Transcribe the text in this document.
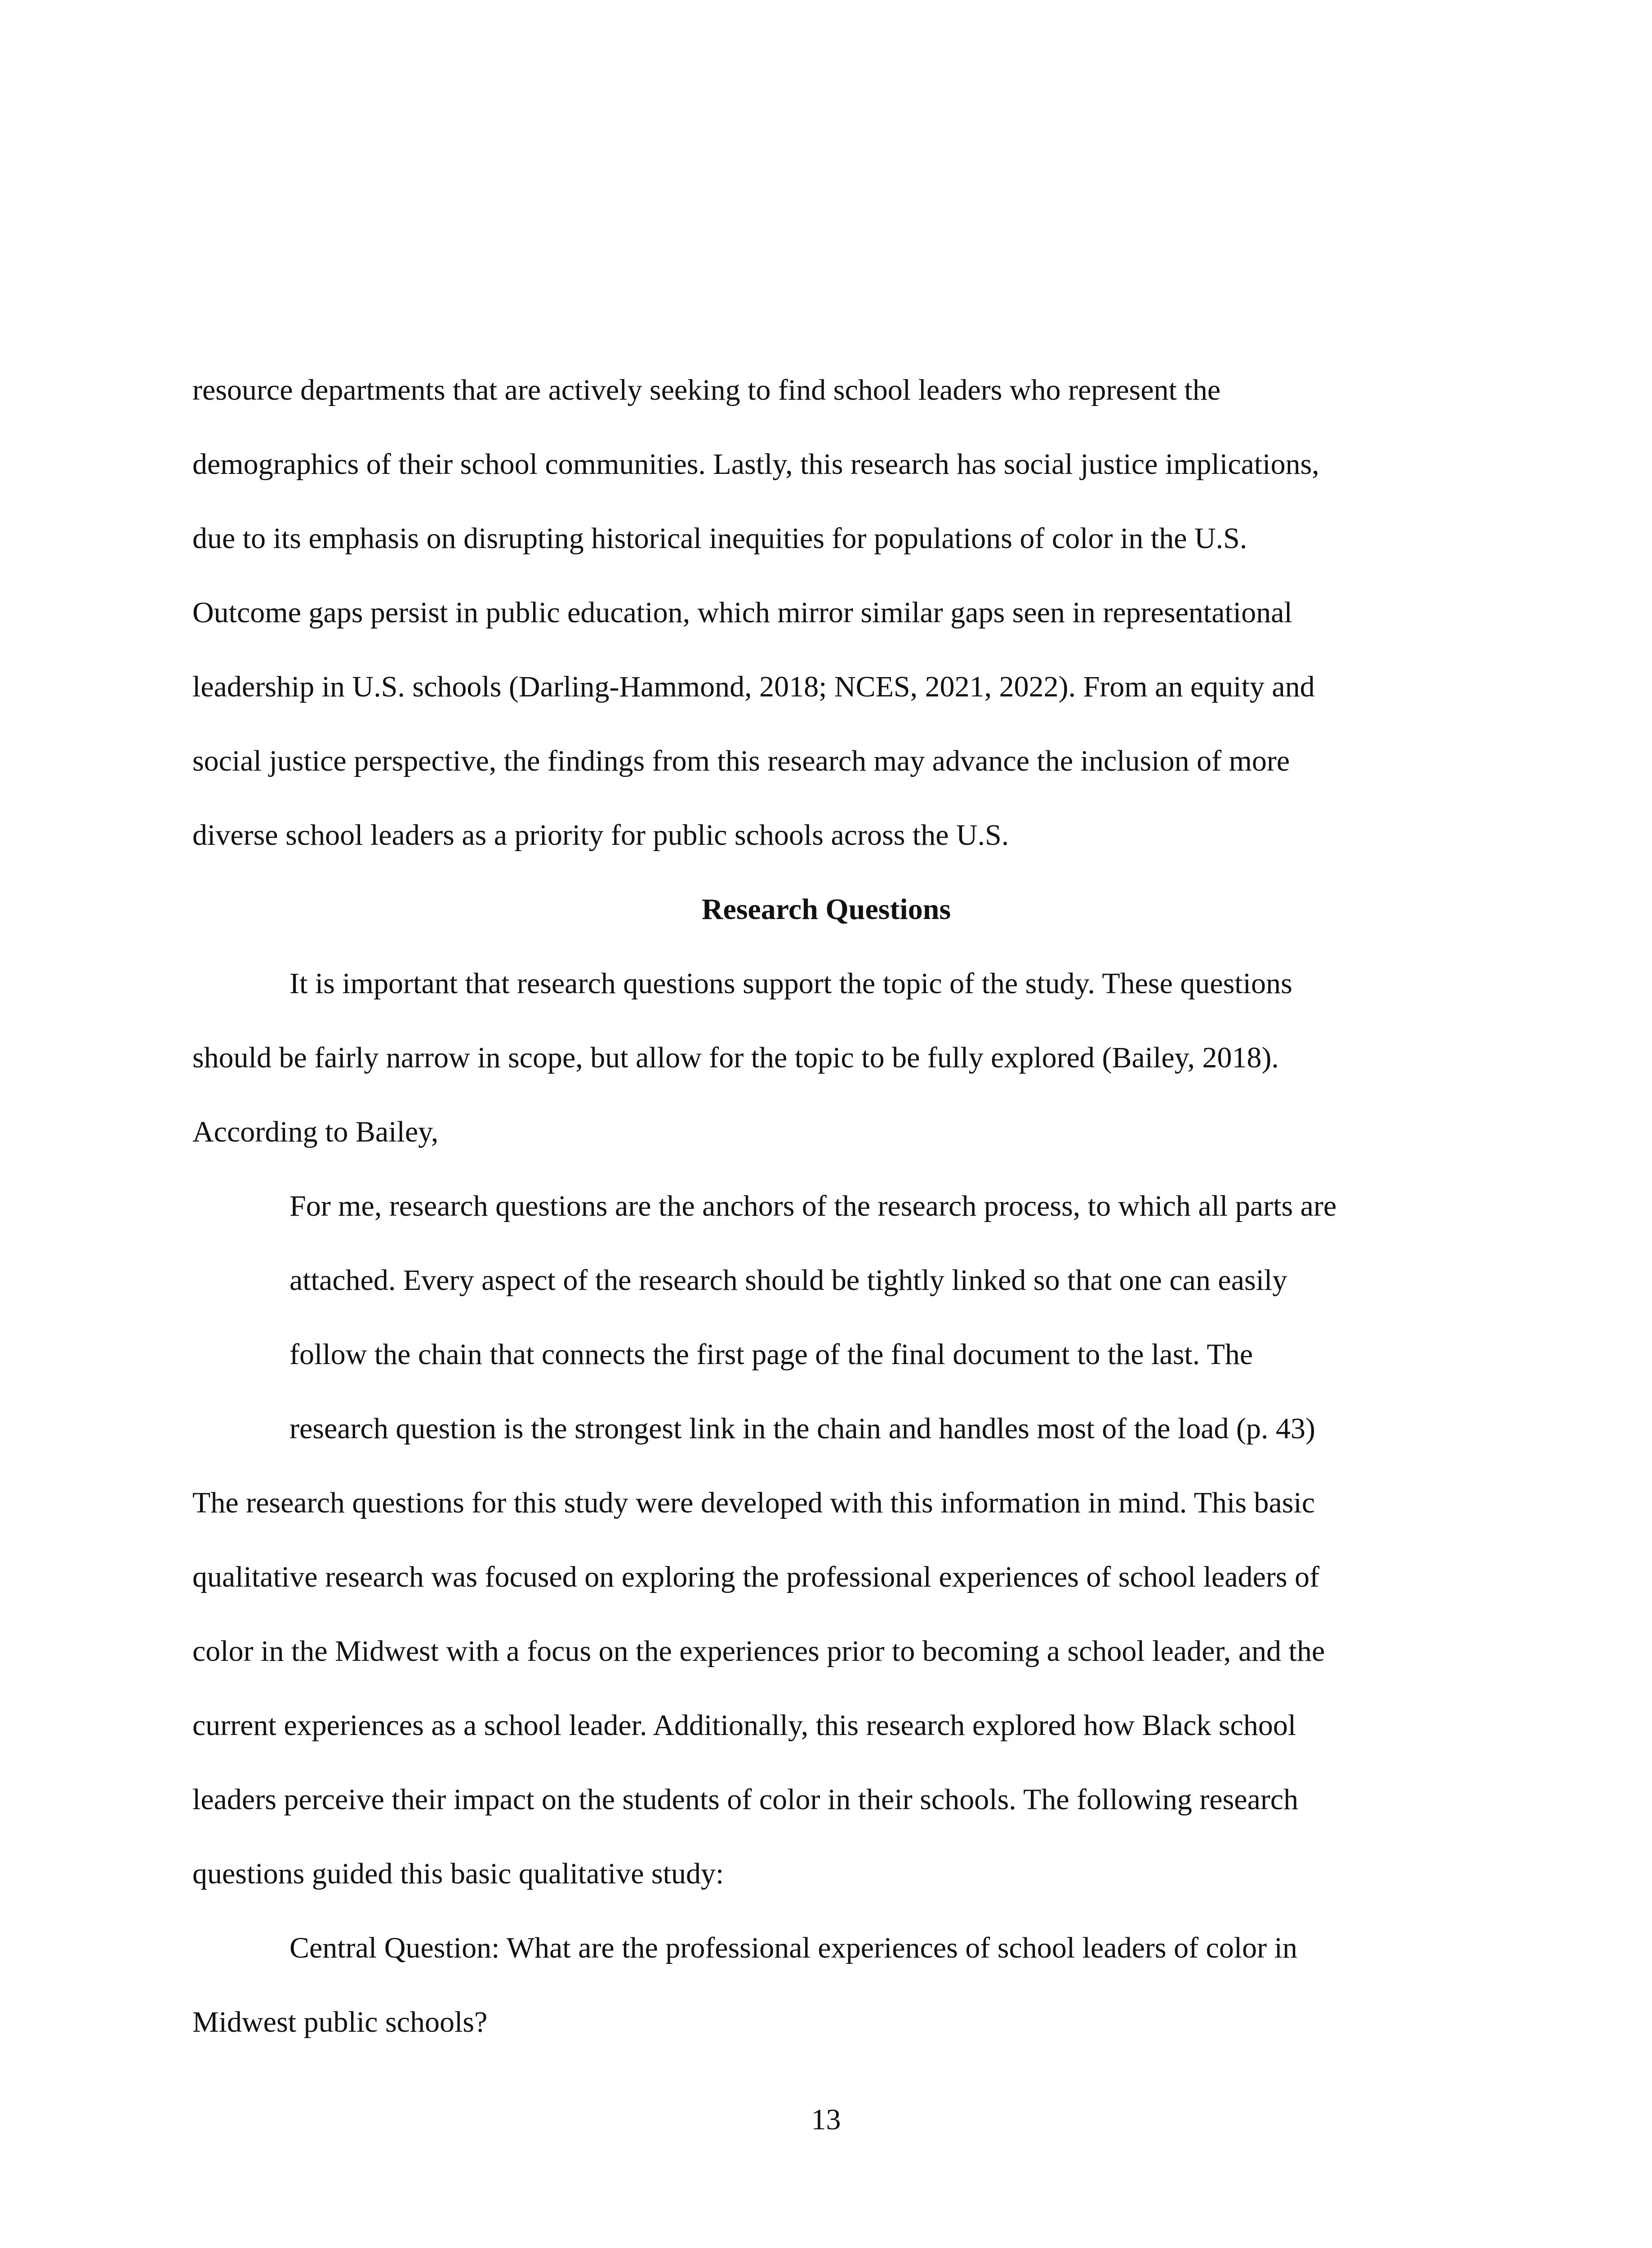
resource departments that are actively seeking to find school leaders who represent the
demographics of their school communities. Lastly, this research has social justice implications,
due to its emphasis on disrupting historical inequities for populations of color in the U.S.
Outcome gaps persist in public education, which mirror similar gaps seen in representational
leadership in U.S. schools (Darling-Hammond, 2018; NCES, 2021, 2022). From an equity and
social justice perspective, the findings from this research may advance the inclusion of more
diverse school leaders as a priority for public schools across the U.S.
Research Questions
It is important that research questions support the topic of the study. These questions
should be fairly narrow in scope, but allow for the topic to be fully explored (Bailey, 2018).
According to Bailey,
For me, research questions are the anchors of the research process, to which all parts are
attached. Every aspect of the research should be tightly linked so that one can easily
follow the chain that connects the first page of the final document to the last. The
research question is the strongest link in the chain and handles most of the load (p. 43)
The research questions for this study were developed with this information in mind. This basic
qualitative research was focused on exploring the professional experiences of school leaders of
color in the Midwest with a focus on the experiences prior to becoming a school leader, and the
current experiences as a school leader. Additionally, this research explored how Black school
leaders perceive their impact on the students of color in their schools. The following research
questions guided this basic qualitative study:
Central Question: What are the professional experiences of school leaders of color in
Midwest public schools?
13
